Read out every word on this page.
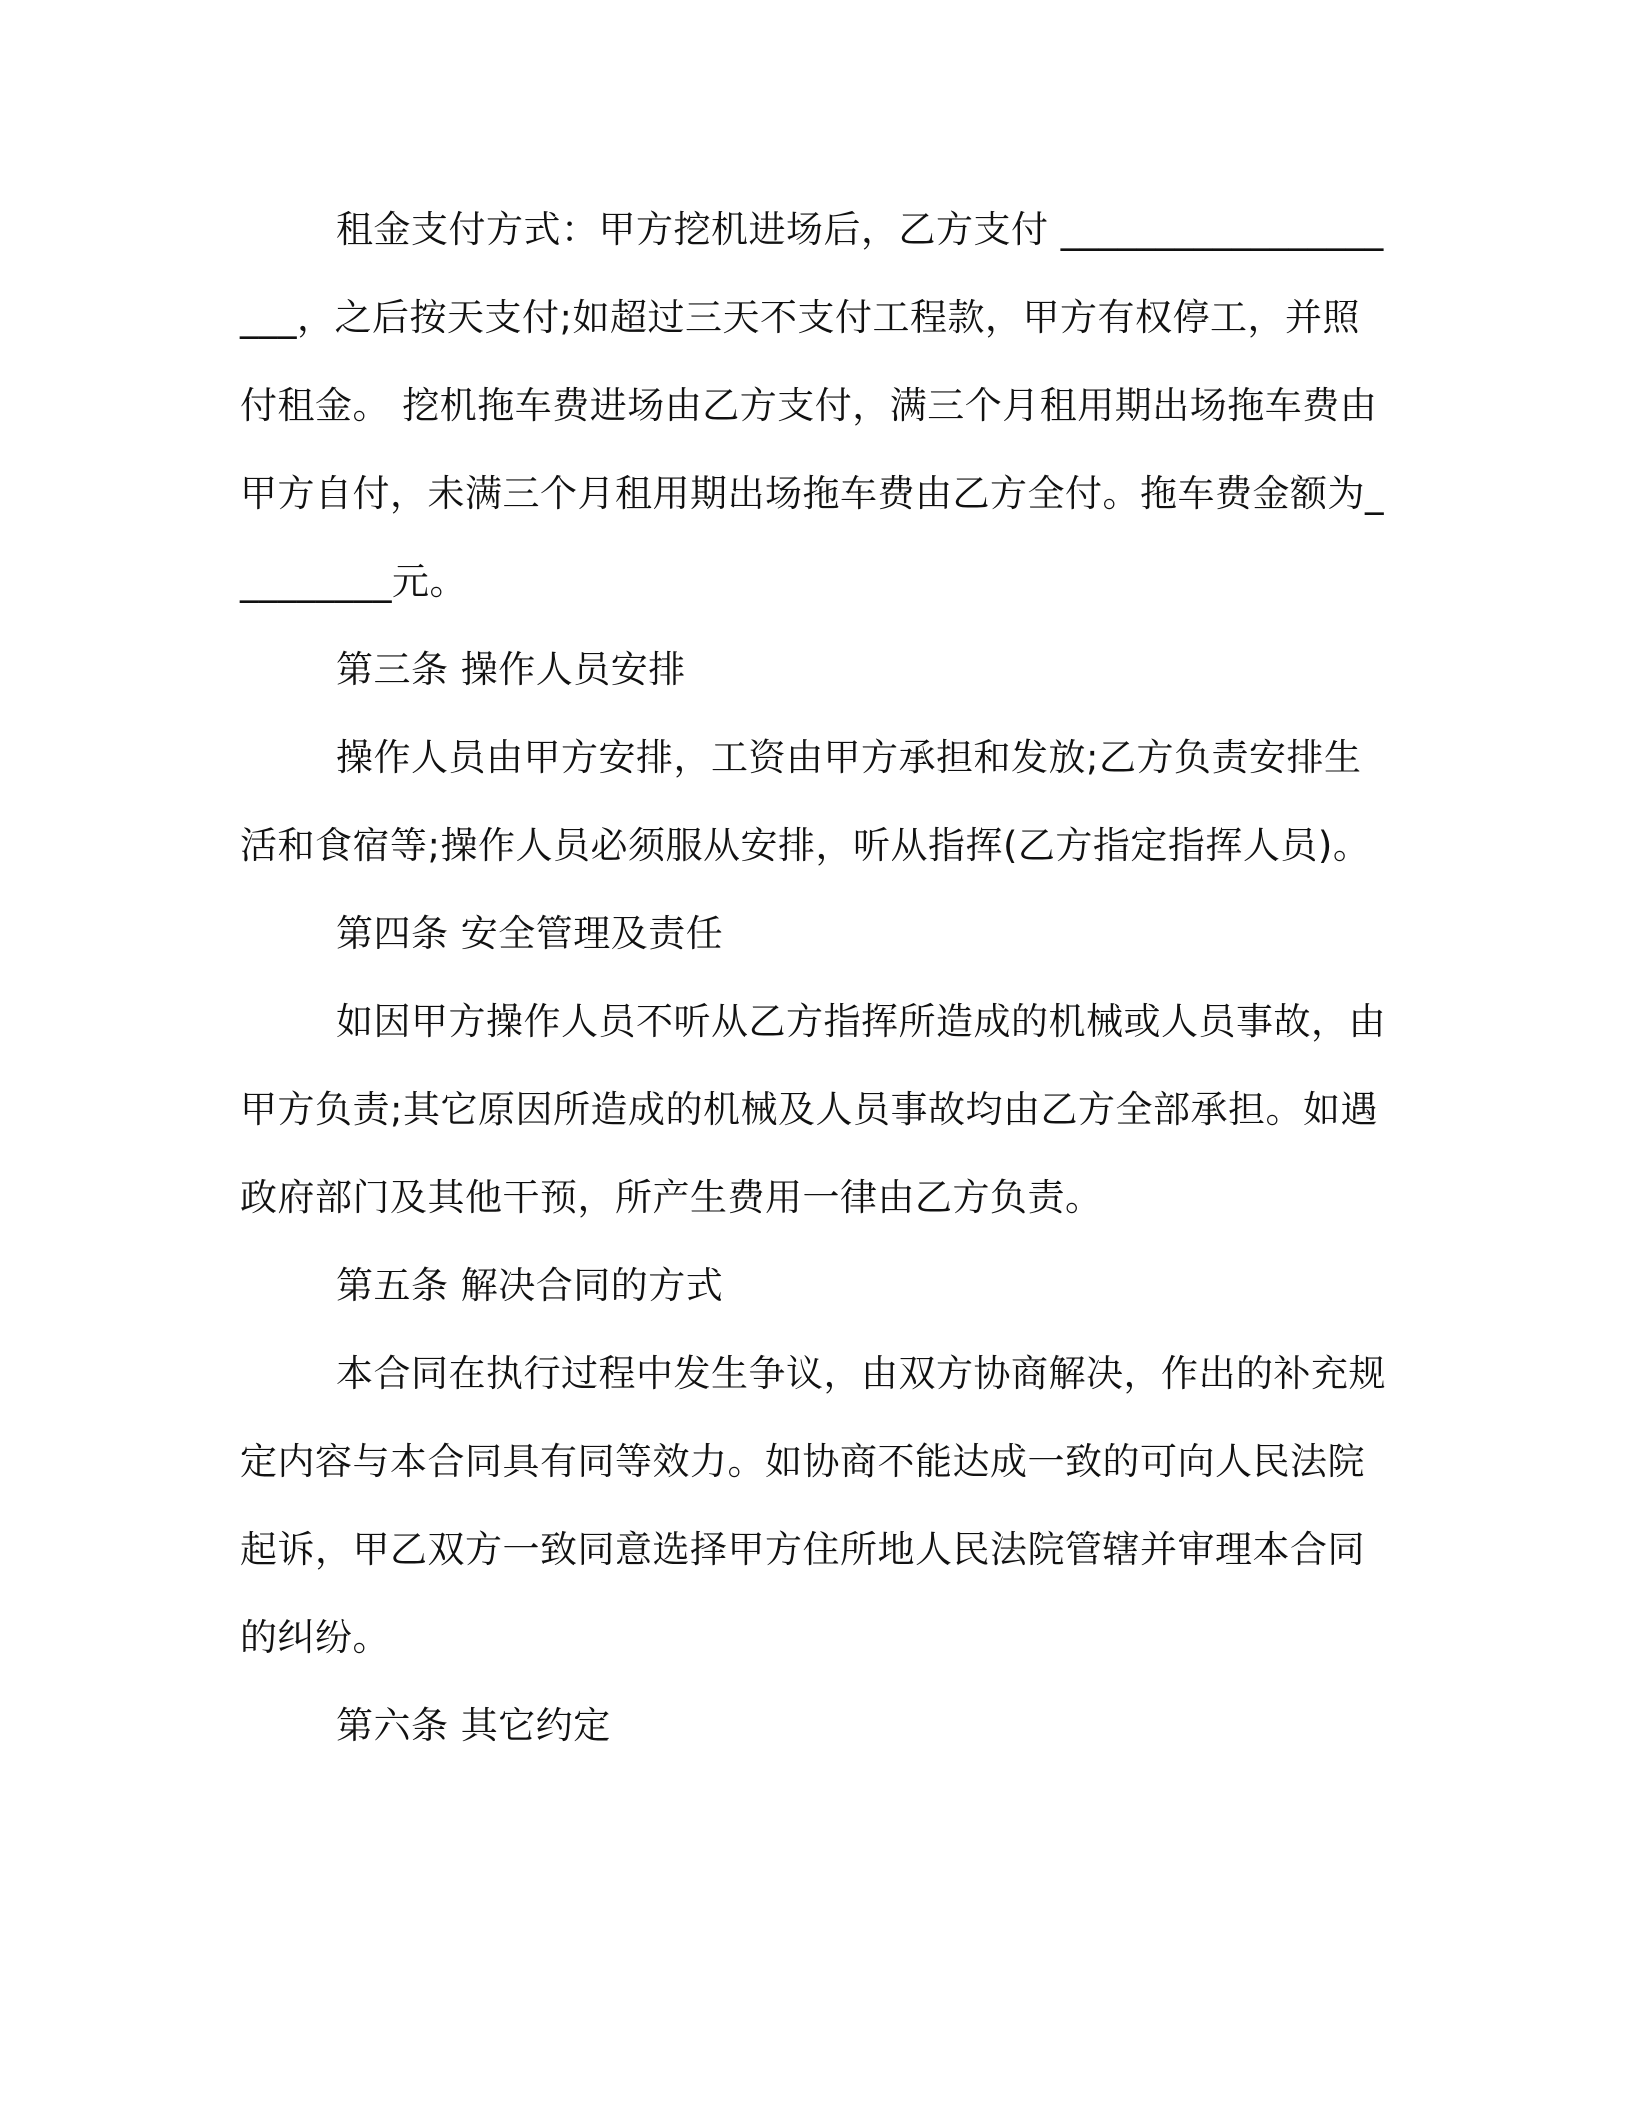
租金支付方式：甲方挖机进场后，乙方支付 ____________________，之后按天支付;如超过三天不支付工程款，甲方有权停工，并照付租金。 挖机拖车费进场由乙方支付，满三个月租用期出场拖车费由甲方自付，未满三个月租用期出场拖车费由乙方全付。拖车费金额为_________元。

第三条 操作人员安排

操作人员由甲方安排，工资由甲方承担和发放;乙方负责安排生活和食宿等;操作人员必须服从安排，听从指挥(乙方指定指挥人员)。

第四条 安全管理及责任

如因甲方操作人员不听从乙方指挥所造成的机械或人员事故，由甲方负责;其它原因所造成的机械及人员事故均由乙方全部承担。如遇政府部门及其他干预，所产生费用一律由乙方负责。

第五条 解决合同的方式

本合同在执行过程中发生争议，由双方协商解决，作出的补充规定内容与本合同具有同等效力。如协商不能达成一致的可向人民法院起诉，甲乙双方一致同意选择甲方住所地人民法院管辖并审理本合同的纠纷。

第六条 其它约定
